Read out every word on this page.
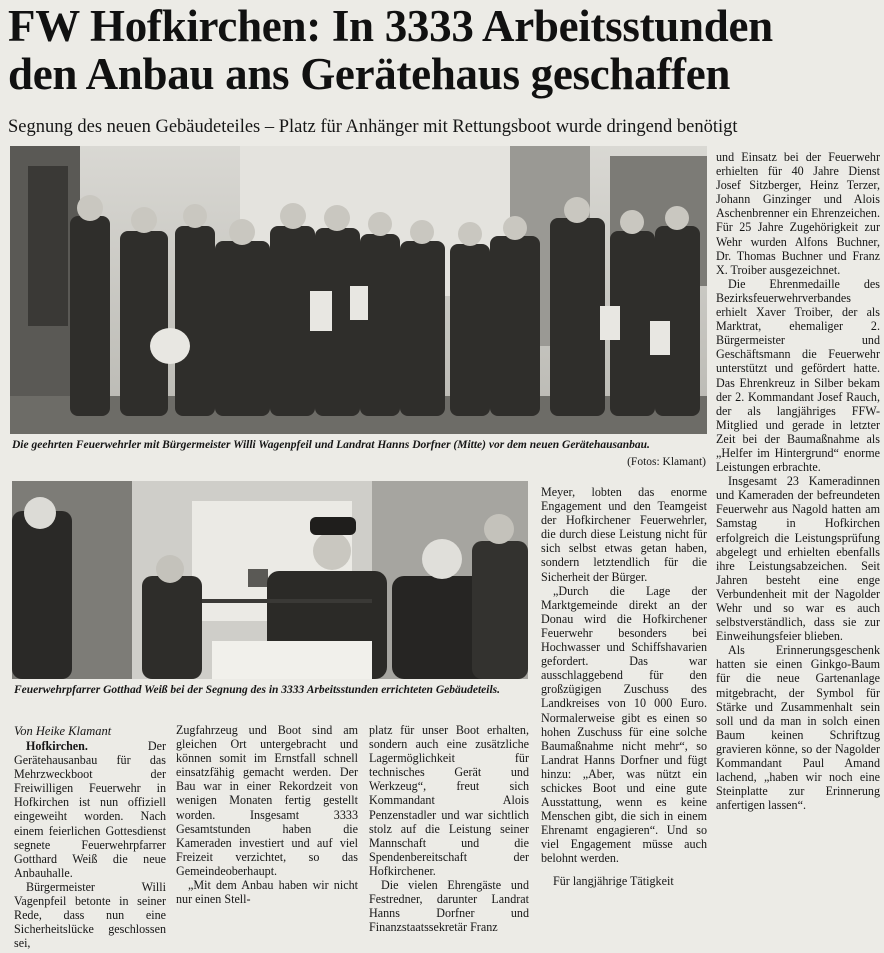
FW Hofkirchen: In 3333 Arbeitsstunden
den Anbau ans Gerätehaus geschaffen
Segnung des neuen Gebäudeteiles – Platz für Anhänger mit Rettungsboot wurde dringend benötigt
Die geehrten Feuerwehrler mit Bürgermeister Willi Wagenpfeil und Landrat Hanns Dorfner (Mitte) vor dem neuen Gerätehausanbau.
(Fotos: Klamant)
Feuerwehrpfarrer Gotthad Weiß bei der Segnung des in 3333 Arbeitsstunden errichteten Gebäudeteils.

Von Heike Klamant

Hofkirchen.	Der Gerätehausanbau für das Mehrzweckboot der Freiwilligen Feuerwehr in Hofkirchen ist nun offiziell eingeweiht worden. Nach einem feierlichen Gottesdienst segnete Feuerwehrpfarrer Gotthard Weiß die neue Anbauhalle.

Bürgermeister Willi Vagenpfeil betonte in seiner Rede, dass nun eine Sicherheitslücke geschlossen sei,

Zugfahrzeug und Boot sind am gleichen Ort untergebracht und können somit im Ernstfall schnell einsatzfähig gemacht werden. Der Bau war in einer Rekordzeit von wenigen Monaten fertig gestellt worden. Insgesamt 3333 Gesamtstunden haben die Kameraden investiert und auf viel Freizeit verzichtet, so das Gemeindeoberhaupt.

„Mit dem Anbau haben wir nicht nur einen Stell-

platz für unser Boot erhalten, sondern auch eine zusätzliche Lagermöglichkeit für technisches Gerät und Werkzeug“, freut sich Kommandant Alois Penzenstadler und war sichtlich stolz auf die Leistung seiner Mannschaft und die Spendenbereitschaft der Hofkirchener.

Die vielen Ehrengäste und Festredner, darunter Landrat Hanns Dorfner und Finanzstaatssekretär Franz

Meyer, lobten das enorme Engagement und den Teamgeist der Hofkirchener Feuerwehrler, die durch diese Leistung nicht für sich selbst etwas getan haben, sondern letztendlich für die Sicherheit der Bürger.

„Durch die Lage der Marktgemeinde direkt an der Donau wird die Hofkirchener Feuerwehr besonders bei Hochwasser und Schiffshavarien gefordert. Das war ausschlaggebend für den großzügigen Zuschuss des Landkreises von 10 000 Euro. Normalerweise gibt es einen so hohen Zuschuss für eine solche Baumaßnahme nicht mehr“, so Landrat Hanns Dorfner und fügt hinzu: „Aber, was nützt ein schickes Boot und eine gute Ausstattung, wenn es keine Menschen gibt, die sich in einem Ehrenamt engagieren“. Und so viel Engagement müsse auch belohnt werden.

Für langjährige Tätigkeit

und Einsatz bei der Feuerwehr erhielten für 40 Jahre Dienst Josef Sitzberger, Heinz Terzer, Johann Ginzinger und Alois Aschenbrenner ein Ehrenzeichen. Für 25 Jahre Zugehörigkeit zur Wehr wurden Alfons Buchner, Dr. Thomas Buchner und Franz X. Troiber ausgezeichnet.

Die Ehrenmedaille des Bezirksfeuerwehrverbandes erhielt Xaver Troiber, der als Marktrat, ehemaliger 2. Bürgermeister und Geschäftsmann die Feuerwehr unterstützt und gefördert hatte. Das Ehrenkreuz in Silber bekam der 2. Kommandant Josef Rauch, der als langjähriges FFW-Mitglied und gerade in letzter Zeit bei der Baumaßnahme als „Helfer im Hintergrund“ enorme Leistungen erbrachte.

Insgesamt 23 Kameradinnen und Kameraden der befreundeten Feuerwehr aus Nagold hatten am Samstag in Hofkirchen erfolgreich die Leistungsprüfung abgelegt und erhielten ebenfalls ihre Leistungsabzeichen. Seit Jahren besteht eine enge Verbundenheit mit der Nagolder Wehr und so war es auch selbstverständlich, dass sie zur Einweihungsfeier blieben.

Als Erinnerungsgeschenk hatten sie einen Ginkgo-Baum für die neue Gartenanlage mitgebracht, der Symbol für Stärke und Zusammenhalt sein soll und da man in solch einen Baum keinen Schriftzug gravieren könne, so der Nagolder Kommandant Paul Amand lachend, „haben wir noch eine Steinplatte zur Erinnerung anfertigen lassen“.
